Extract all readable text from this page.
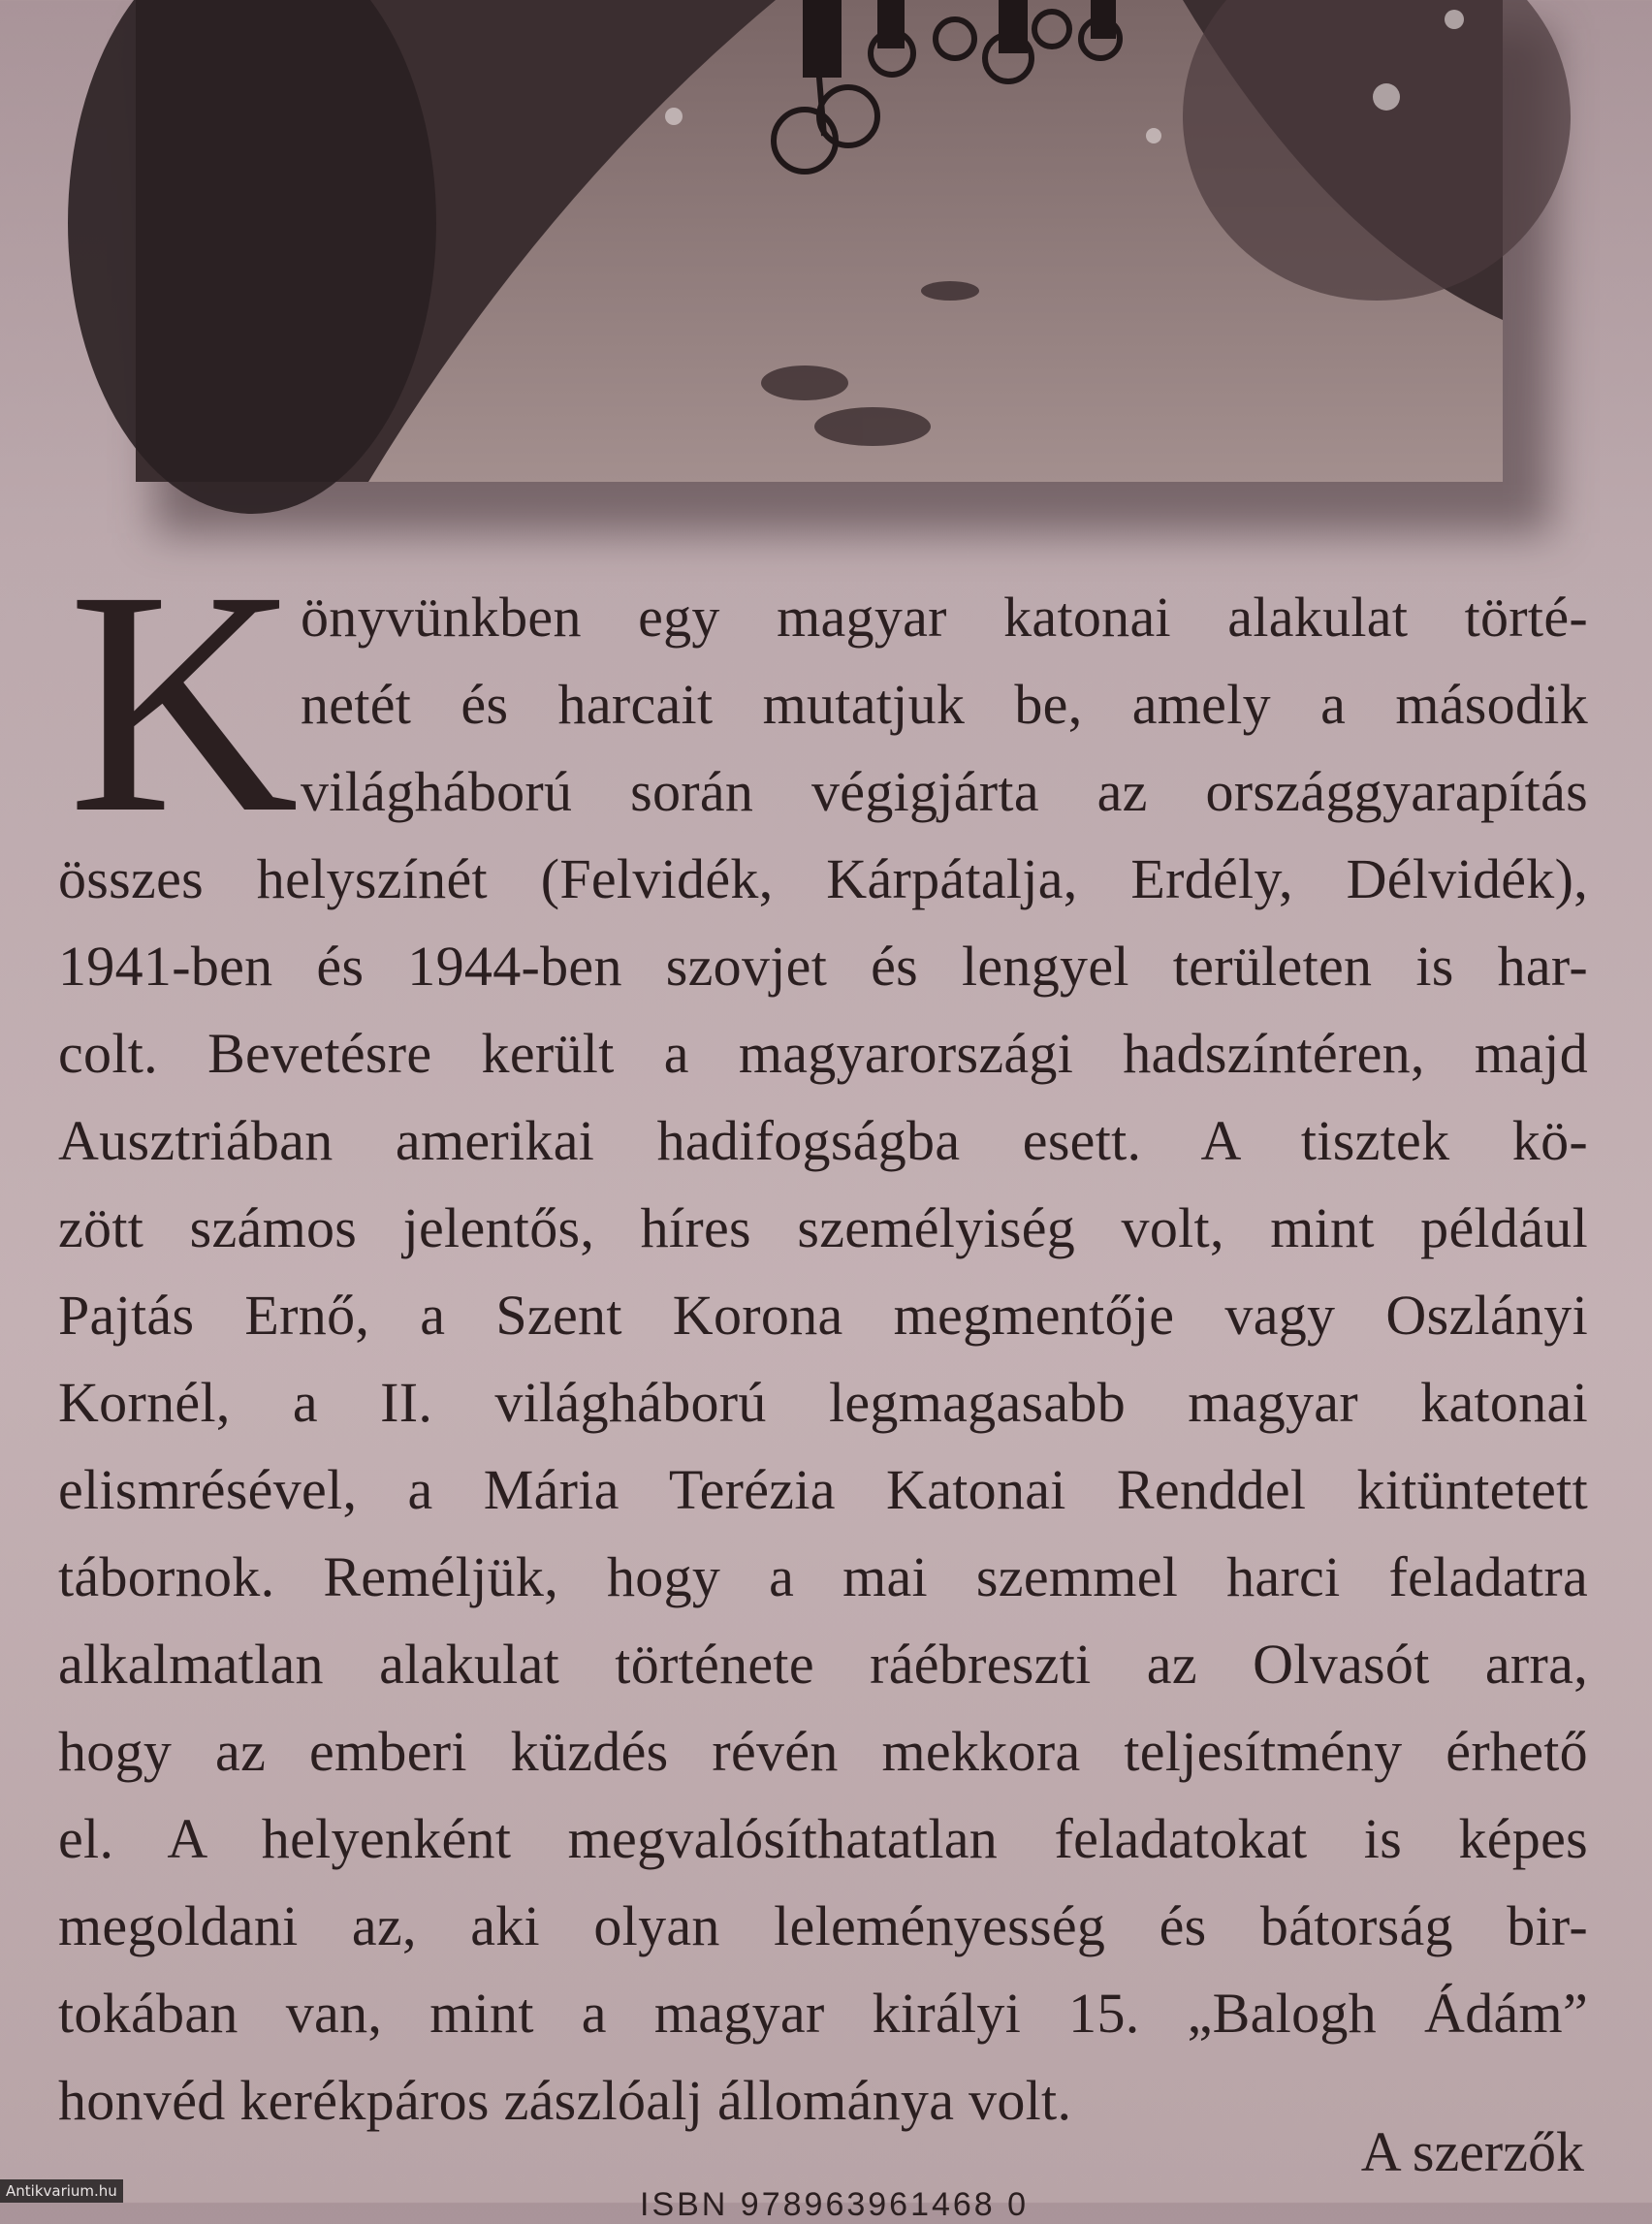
K önyvünkben egy magyar katonai alakulat törté-
netét és harcait mutatjuk be, amely a második
világháború során végigjárta az országgyarapítás
összes helyszínét (Felvidék, Kárpátalja, Erdély, Délvidék),
1941-ben és 1944-ben szovjet és lengyel területen is har-
colt. Bevetésre került a magyarországi hadszíntéren, majd
Ausztriában amerikai hadifogságba esett. A tisztek kö-
zött számos jelentős, híres személyiség volt, mint például
Pajtás Ernő, a Szent Korona megmentője vagy Oszlányi
Kornél, a II. világháború legmagasabb magyar katonai
elismrésével, a Mária Terézia Katonai Renddel kitüntetett
tábornok. Reméljük, hogy a mai szemmel harci feladatra
alkalmatlan alakulat története ráébreszti az Olvasót arra,
hogy az emberi küzdés révén mekkora teljesítmény érhető
el. A helyenként megvalósíthatatlan feladatokat is képes
megoldani az, aki olyan leleményesség és bátorság bir-
tokában van, mint a magyar királyi 15. „Balogh Ádám”
honvéd kerékpáros zászlóalj állománya volt.
A szerzők
ISBN 978963961468 0
Antikvarium.hu
